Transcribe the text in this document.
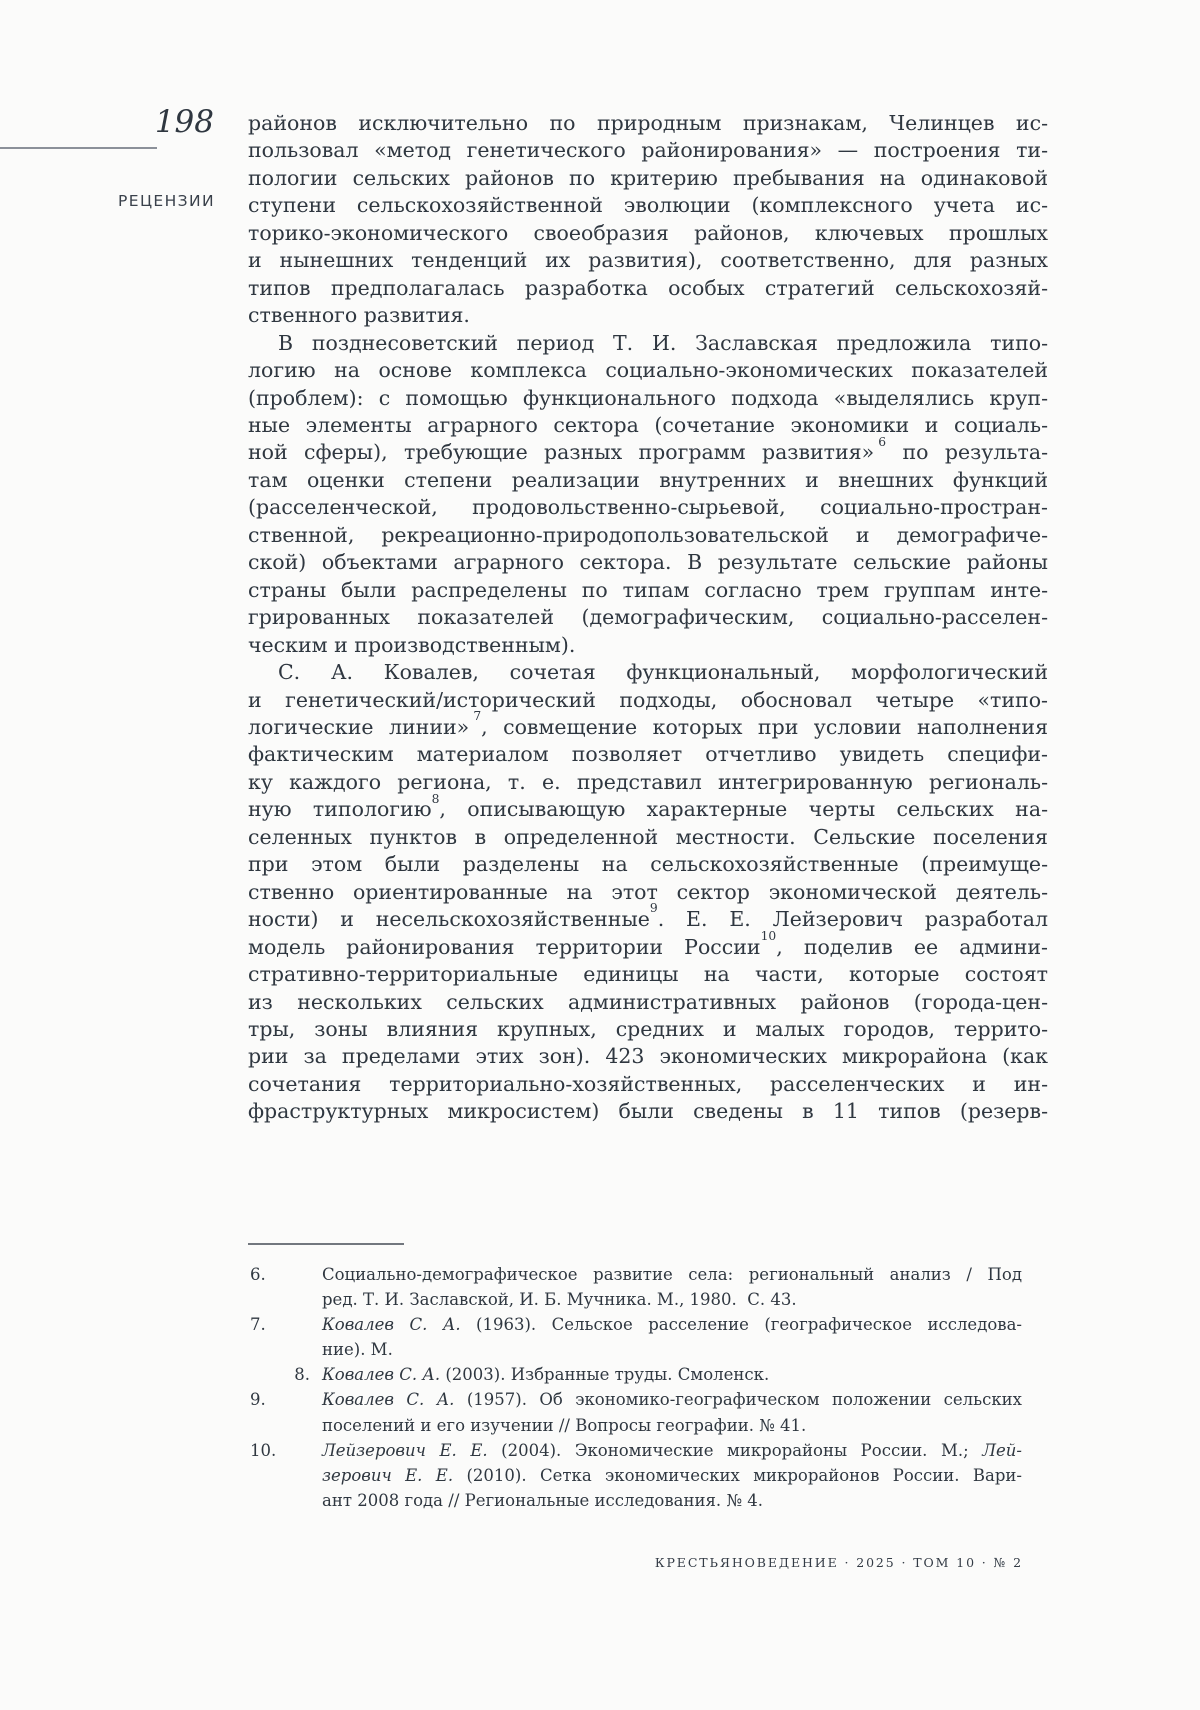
198
РЕЦЕНЗИИ
районов исключительно по природным признакам, Челинцев ис-
пользовал «метод генетического районирования» — построения ти-
пологии сельских районов по критерию пребывания на одинаковой
ступени сельскохозяйственной эволюции (комплексного учета ис-
торико-экономического своеобразия районов, ключевых прошлых
и нынешних тенденций их развития), соответственно, для разных
типов предполагалась разработка особых стратегий сельскохозяй-
ственного развития.
В позднесоветский период Т. И. Заславская предложила типо-
логию на основе комплекса социально-экономических показателей
(проблем): с помощью функционального подхода «выделялись круп-
ные элементы аграрного сектора (сочетание экономики и социаль-
ной сферы), требующие разных программ развития» $^6$ по результа-
там оценки степени реализации внутренних и внешних функций
(расселенческой, продовольственно-сырьевой, социально-простран-
ственной, рекреационно-природопользовательской и демографиче-
ской) объектами аграрного сектора. В результате сельские районы
страны были распределены по типам согласно трем группам инте-
грированных показателей (демографическим, социально-расселен-
ческим и производственным).
С. А. Ковалев, сочетая функциональный, морфологический
и генетический/исторический подходы, обосновал четыре «типо-
логические линии» $^7$, совмещение которых при условии наполнения
фактическим материалом позволяет отчетливо увидеть специфи-
ку каждого региона, т. е. представил интегрированную региональ-
ную типологию$^8$, описывающую характерные черты сельских на-
селенных пунктов в определенной местности. Сельские поселения
при этом были разделены на сельскохозяйственные (преимуще-
ственно ориентированные на этот сектор экономической деятель-
ности) и несельскохозяйственные$^9$. Е. Е. Лейзерович разработал
модель районирования территории России$^{10}$, поделив ее админи-
стративно-территориальные единицы на части, которые состоят
из нескольких сельских административных районов (города-цен-
тры, зоны влияния крупных, средних и малых городов, террито-
рии за пределами этих зон). 423 экономических микрорайона (как
сочетания территориально-хозяйственных, расселенческих и ин-
фраструктурных микросистем) были сведены в 11 типов (резерв-
6.	Социально-демографическое развитие села: региональный анализ / Под
ред. Т. И. Заславской, И. Б. Мучника. М., 1980.  С. 43.
7.	Ковалев С. А. (1963). Сельское расселение (географическое исследова-
ние). М.
8. Ковалев С. А. (2003). Избранные труды. Смоленск.
9.	Ковалев С. А. (1957). Об экономико-географическом положении сельских
поселений и его изучении // Вопросы географии. № 41.
10.	Лейзерович Е. Е. (2004). Экономические микрорайоны России. М.; Лей-
зерович Е. Е. (2010). Сетка экономических микрорайонов России. Вари-
ант 2008 года // Региональные исследования. № 4.
КРЕСТЬЯНОВЕДЕНИЕ · 2025 · ТОМ 10 · № 2
